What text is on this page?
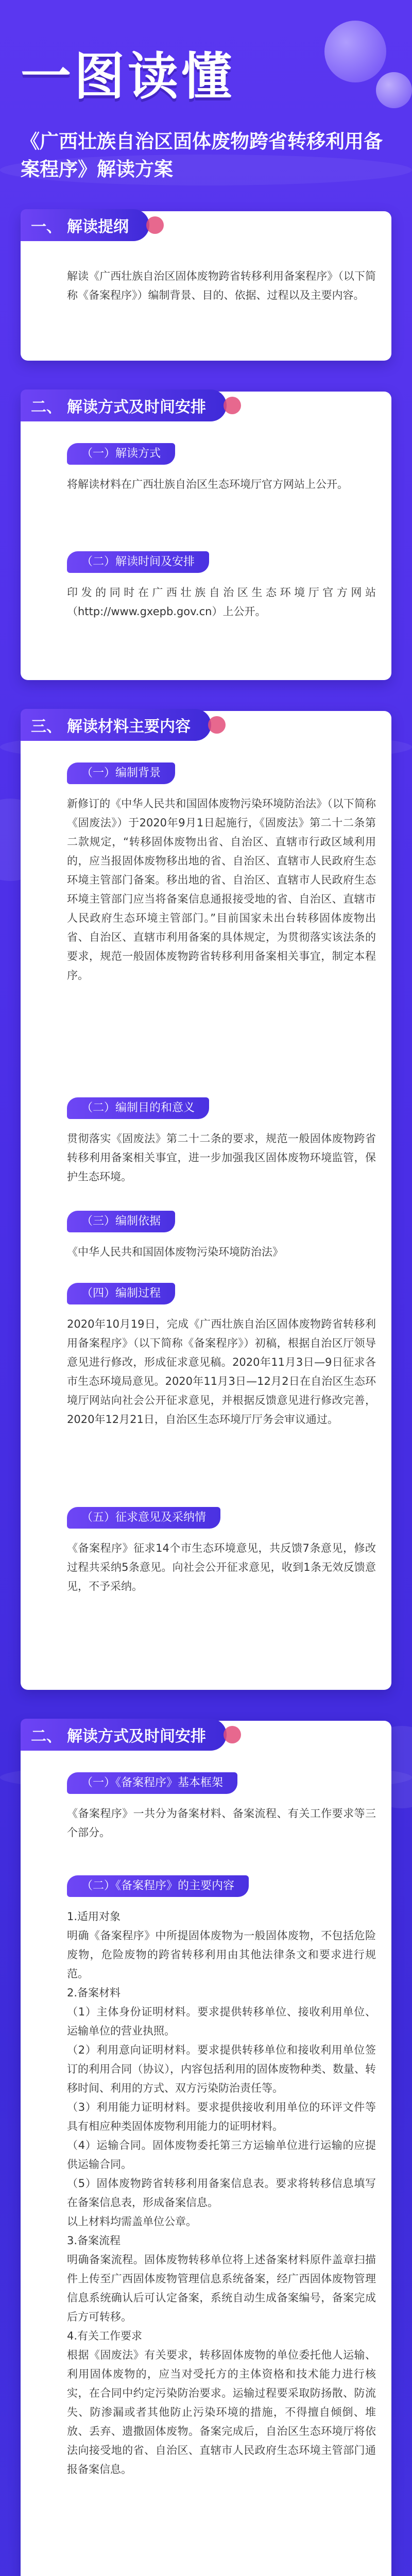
一图读懂
《广西壮族自治区固体废物跨省转移利用备案程序》解读方案
一、 解读提纲

解读《广西壮族自治区固体废物跨省转移利用备案程序》（以下简称《备案程序》）编制背景、目的、依据、过程以及主要内容。

二、 解读方式及时间安排
（一）解读方式

将解读材料在广西壮族自治区生态环境厅官方网站上公开。

（二）解读时间及安排

印发的同时在广西壮族自治区生态环境厅官方网站（http://www.gxepb.gov.cn）上公开。

三、 解读材料主要内容
（一）编制背景

新修订的《中华人民共和国固体废物污染环境防治法》（以下简称《固废法》）于2020年9月1日起施行，《固废法》第二十二条第二款规定，“转移固体废物出省、自治区、直辖市行政区域利用的，应当报固体废物移出地的省、自治区、直辖市人民政府生态环境主管部门备案。移出地的省、自治区、直辖市人民政府生态环境主管部门应当将备案信息通报接受地的省、自治区、直辖市人民政府生态环境主管部门。”目前国家未出台转移固体废物出省、自治区、直辖市利用备案的具体规定，为贯彻落实该法条的要求，规范一般固体废物跨省转移利用备案相关事宜，制定本程序。

（二）编制目的和意义

贯彻落实《固废法》第二十二条的要求，规范一般固体废物跨省转移利用备案相关事宜，进一步加强我区固体废物环境监管，保护生态环境。

（三）编制依据

《中华人民共和国固体废物污染环境防治法》

（四）编制过程

2020年10月19日，完成《广西壮族自治区固体废物跨省转移利用备案程序》（以下简称《备案程序》）初稿，根据自治区厅领导意见进行修改，形成征求意见稿。2020年11月3日—9日征求各市生态环境局意见。2020年11月3日—12月2日在自治区生态环境厅网站向社会公开征求意见，并根据反馈意见进行修改完善，2020年12月21日，自治区生态环境厅厅务会审议通过。

（五）征求意见及采纳情

《备案程序》征求14个市生态环境意见，共反馈7条意见，修改过程共采纳5条意见。向社会公开征求意见，收到1条无效反馈意见，不予采纳。

二、 解读方式及时间安排
（一）《备案程序》基本框架

《备案程序》一共分为备案材料、备案流程、有关工作要求等三个部分。

（二）《备案程序》的主要内容

1.适用对象
明确《备案程序》中所提固体废物为一般固体废物，不包括危险废物，危险废物的跨省转移利用由其他法律条文和要求进行规范。
2.备案材料
（1）主体身份证明材料。要求提供转移单位、接收利用单位、运输单位的营业执照。
（2）利用意向证明材料。要求提供转移单位和接收利用单位签订的利用合同（协议），内容包括利用的固体废物种类、数量、转移时间、利用的方式、双方污染防治责任等。
（3）利用能力证明材料。要求提供接收利用单位的环评文件等具有相应种类固体废物利用能力的证明材料。
（4）运输合同。固体废物委托第三方运输单位进行运输的应提供运输合同。
（5）固体废物跨省转移利用备案信息表。要求将转移信息填写在备案信息表，形成备案信息。
以上材料均需盖单位公章。
3.备案流程
明确备案流程。固体废物转移单位将上述备案材料原件盖章扫描件上传至广西固体废物管理信息系统备案，经广西固体废物管理信息系统确认后可认定备案，系统自动生成备案编号，备案完成后方可转移。
4.有关工作要求
根据《固废法》有关要求，转移固体废物的单位委托他人运输、利用固体废物的，应当对受托方的主体资格和技术能力进行核实，在合同中约定污染防治要求。运输过程要采取防扬散、防流失、防渗漏或者其他防止污染环境的措施，不得擅自倾倒、堆放、丢弃、遗撒固体废物。备案完成后，自治区生态环境厅将依法向接受地的省、自治区、直辖市人民政府生态环境主管部门通报备案信息。
